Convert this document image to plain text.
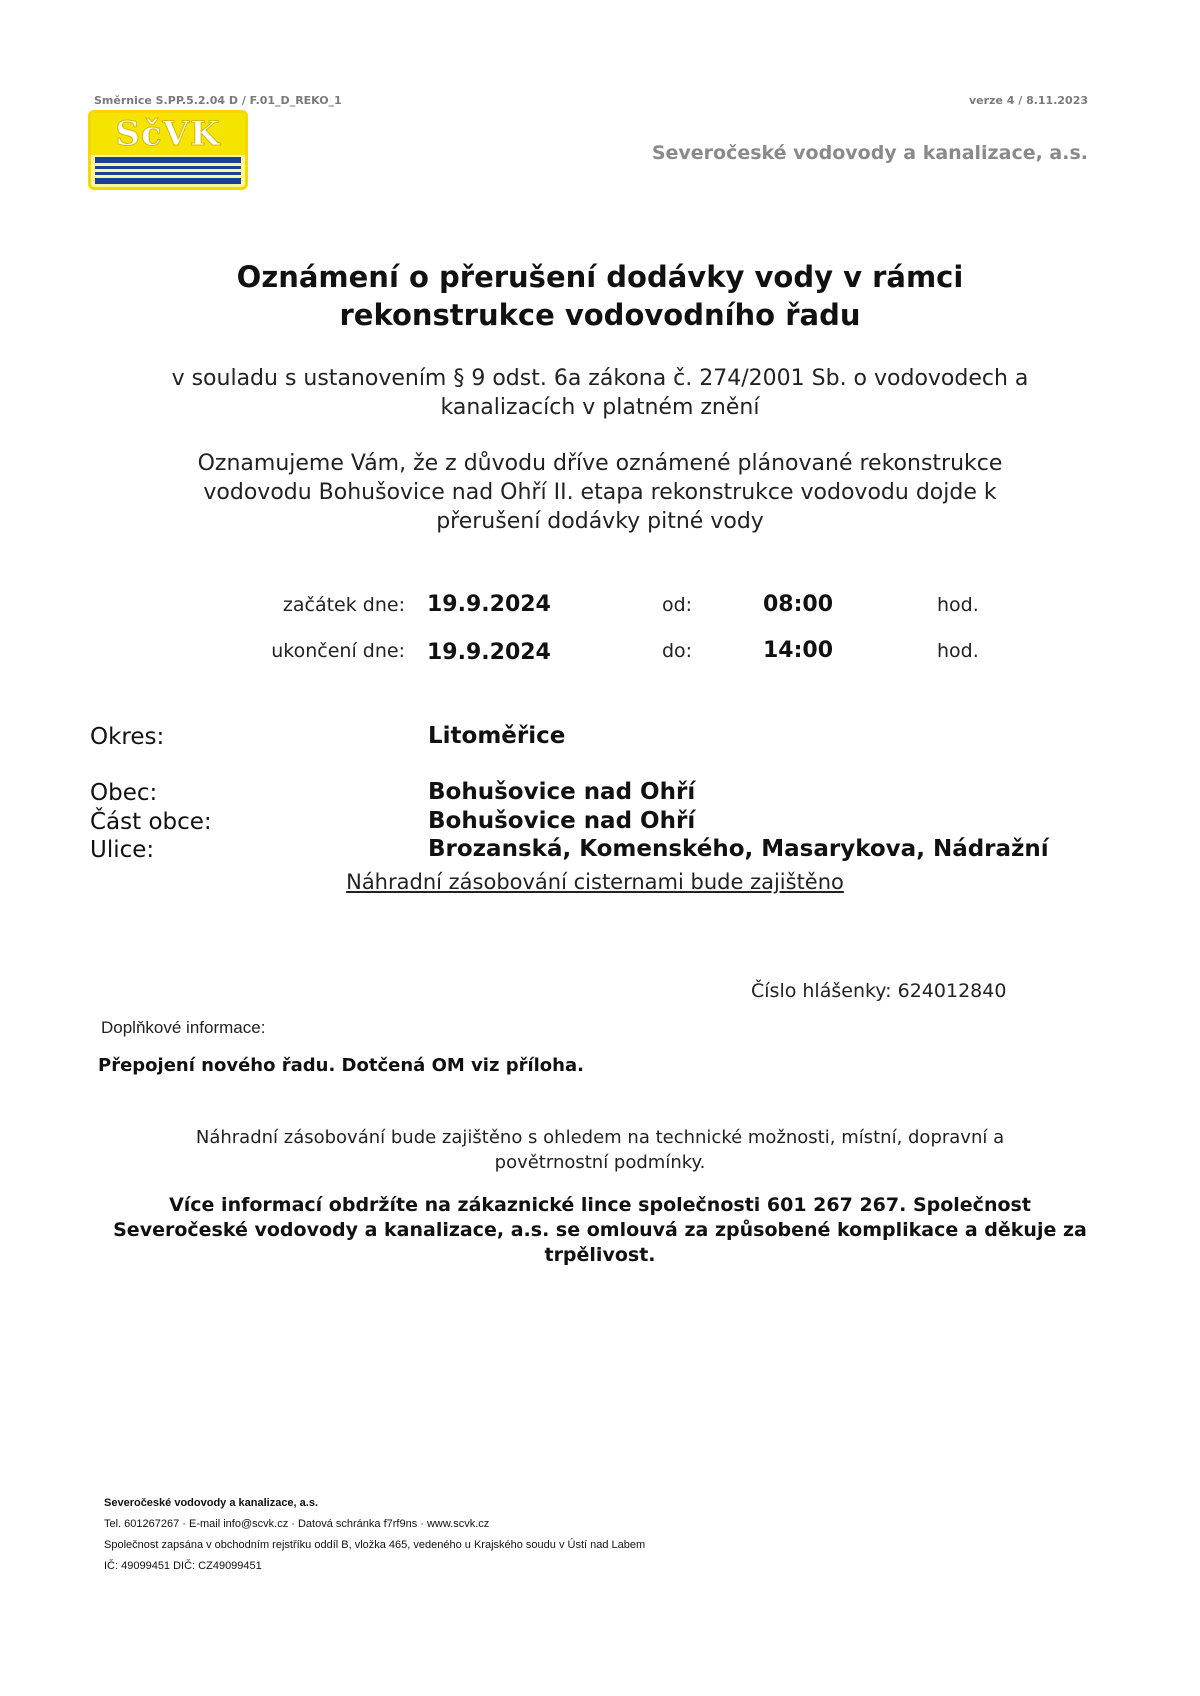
Směrnice S.PP.5.2.04 D / F.01_D_REKO_1	verze 4 / 8.11.2023
SčVK	Severočeské vodovody a kanalizace, a.s.
Oznámení o přerušení dodávky vody v rámci
rekonstrukce vodovodního řadu
v souladu s ustanovením § 9 odst. 6a zákona č. 274/2001 Sb. o vodovodech a
kanalizacích v platném znění
Oznamujeme Vám, že z důvodu dříve oznámené plánované rekonstrukce
vodovodu Bohušovice nad Ohří II. etapa rekonstrukce vodovodu dojde k
přerušení dodávky pitné vody
začátek dne: 19.9.2024	od:	08:00	hod.
ukončení dne: 19.9.2024	do:	14:00	hod.
Okres:	Litoměřice
Obec:	Bohušovice nad Ohří
Část obce:	Bohušovice nad Ohří
Ulice:	Brozanská, Komenského, Masarykova, Nádražní
Náhradní zásobování cisternami bude zajištěno
Číslo hlášenky: 624012840
Doplňkové informace:
Přepojení nového řadu. Dotčená OM viz příloha.
Náhradní zásobování bude zajištěno s ohledem na technické možnosti, místní, dopravní a
povětrnostní podmínky.
Více informací obdržíte na zákaznické lince společnosti 601 267 267. Společnost
Severočeské vodovody a kanalizace, a.s. se omlouvá za způsobené komplikace a děkuje za
trpělivost.
Severočeské vodovody a kanalizace, a.s.
Tel. 601267267 · E-mail info@scvk.cz · Datová schránka f7rf9ns · www.scvk.cz
Společnost zapsána v obchodním rejstříku oddíl B, vložka 465, vedeného u Krajského soudu v Ústí nad Labem
IČ: 49099451 DIČ: CZ49099451
